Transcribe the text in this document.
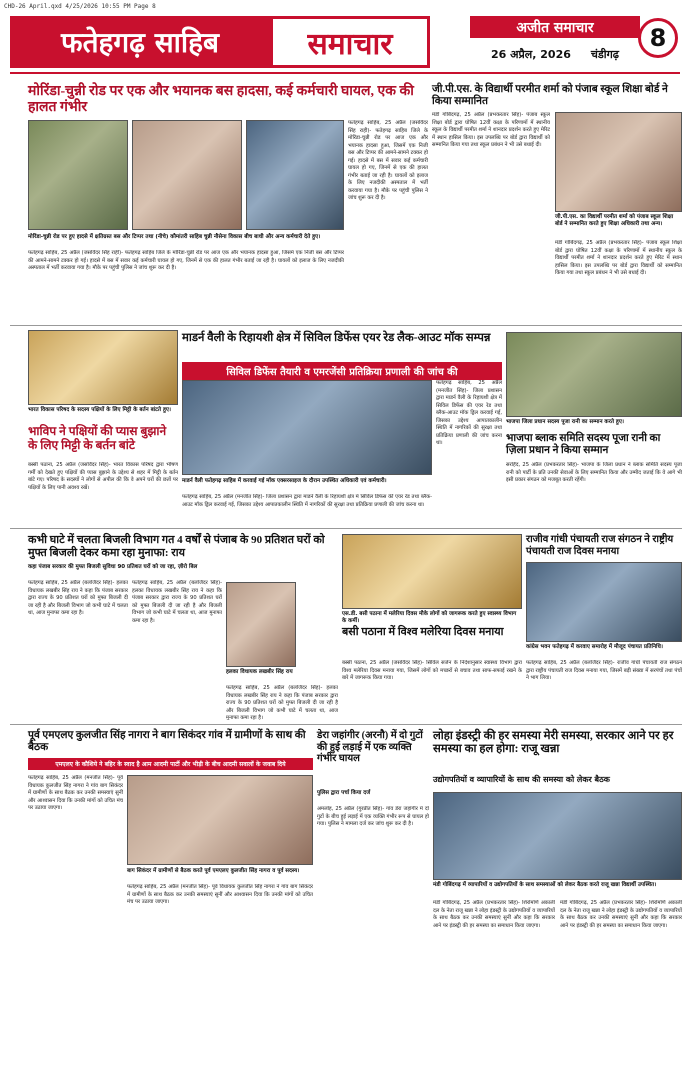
CHD-26 April.qxd 4/25/2026 10:55 PM Page 8
फतेहगढ़ साहिब	समाचार	अजीत समाचार
26 अप्रैल, 2026 चंडीगढ़
8
मोरिंडा-चुन्नी रोड पर एक और भयानक बस हादसा, कई कर्मचारी घायल, एक की हालत गंभीर
मोरिंडा-चुन्नी रोड पर हुए हादसे में क्षतिग्रस्त बस और टिप्पर तथा (नीचे) कौमांतरी साहिब चुन्नी नौसेना विकास बीच बाधी और अन्य कर्मचारी देते हुए।
फतेहगढ़ साहिब, 25 अप्रैल (जसविंदर सिंह राही)- फतेहगढ़ साहिब जिले के मोरिंडा-चुन्नी रोड पर आज एक और भयानक हादसा हुआ, जिसमें एक निजी बस और टिप्पर की आमने-सामने टक्कर हो गई। हादसे में बस में सवार कई कर्मचारी घायल हो गए, जिनमें से एक की हालत गंभीर बताई जा रही है। घायलों को इलाज के लिए नजदीकी अस्पताल में भर्ती करवाया गया है। मौके पर पहुंची पुलिस ने जांच शुरू कर दी है।
फतेहगढ़ साहिब, 25 अप्रैल (जसविंदर सिंह राही)- फतेहगढ़ साहिब जिले के मोरिंडा-चुन्नी रोड पर आज एक और भयानक हादसा हुआ, जिसमें एक निजी बस और टिप्पर की आमने-सामने टक्कर हो गई। हादसे में बस में सवार कई कर्मचारी घायल हो गए, जिनमें से एक की हालत गंभीर बताई जा रही है। घायलों को इलाज के लिए नजदीकी अस्पताल में भर्ती करवाया गया है। मौके पर पहुंची पुलिस ने जांच शुरू कर दी है।
जी.पी.एस. के विद्यार्थी परमीत शर्मा को पंजाब स्कूल शिक्षा बोर्ड ने किया सम्मानित
मंडी गोबिंदगढ़, 25 अप्रैल (प्रभकरतार सिंह)- पंजाब स्कूल शिक्षा बोर्ड द्वारा घोषित 12वीं कक्षा के परिणामों में स्थानीय स्कूल के विद्यार्थी परमीत शर्मा ने शानदार प्रदर्शन करते हुए मेरिट में स्थान हासिल किया। इस उपलब्धि पर बोर्ड द्वारा विद्यार्थी को सम्मानित किया गया तथा स्कूल प्रबंधन ने भी उसे बधाई दी।
जी.पी.एस. का विद्यार्थी परमीत शर्मा को पंजाब स्कूल शिक्षा बोर्ड ने सम्मानित करते हुए शिक्षा अधिकारी तथा अन्य।
मंडी गोबिंदगढ़, 25 अप्रैल (प्रभकरतार सिंह)- पंजाब स्कूल शिक्षा बोर्ड द्वारा घोषित 12वीं कक्षा के परिणामों में स्थानीय स्कूल के विद्यार्थी परमीत शर्मा ने शानदार प्रदर्शन करते हुए मेरिट में स्थान हासिल किया। इस उपलब्धि पर बोर्ड द्वारा विद्यार्थी को सम्मानित किया गया तथा स्कूल प्रबंधन ने भी उसे बधाई दी।
भारत विकास परिषद के सदस्य पक्षियों के लिए मिट्टी के बर्तन बांटते हुए।
भाविप ने पक्षियों की प्यास बुझाने के लिए मिट्टी के बर्तन बांटे
बस्सी पठाना, 25 अप्रैल (जसविंदर सिंह)- भारत विकास परिषद द्वारा भीषण गर्मी को देखते हुए पक्षियों की प्यास बुझाने के उद्देश्य से शहर में मिट्टी के बर्तन बांटे गए। परिषद के सदस्यों ने लोगों से अपील की कि वे अपने घरों की छतों पर पक्षियों के लिए पानी अवश्य रखें।
माडर्न वैली के रिहायशी क्षेत्र में सिविल डिफेंस एयर रेड लैक-आउट मॉक सम्पन्न
सिविल डिफेंस तैयारी व एमरजेंसी प्रतिक्रिया प्रणाली की जांच की
माडर्न वैली फतेहगढ़ साहिब में करवाई गई मॉक एक्सरसाइज के दौरान उपस्थित अधिकारी एवं कर्मचारी।
फतेहगढ़ साहिब, 25 अप्रैल (मनजीत सिंह)- जिला प्रशासन द्वारा माडर्न वैली के रिहायशी क्षेत्र में सिविल डिफेंस की एयर रेड तथा ब्लैक-आउट मॉक ड्रिल करवाई गई, जिसका उद्देश्य आपातकालीन स्थिति में नागरिकों की सुरक्षा तथा प्रतिक्रिया प्रणाली की जांच करना था।
फतेहगढ़ साहिब, 25 अप्रैल (मनजीत सिंह)- जिला प्रशासन द्वारा माडर्न वैली के रिहायशी क्षेत्र में सिविल डिफेंस की एयर रेड तथा ब्लैक-आउट मॉक ड्रिल करवाई गई, जिसका उद्देश्य आपातकालीन स्थिति में नागरिकों की सुरक्षा तथा प्रतिक्रिया प्रणाली की जांच करना था।
भाजपा जिला प्रधान सदस्य पूजा रानी का सम्मान करते हुए।
भाजपा ब्लाक समिति सदस्य पूजा रानी का ज़िला प्रधान ने किया सम्मान
सरहिंद, 25 अप्रैल (प्रभकरतार सिंह)- भाजपा के जिला प्रधान ने ब्लाक समिति सदस्य पूजा रानी को पार्टी के प्रति उनकी सेवाओं के लिए सम्मानित किया और उम्मीद जताई कि वे आगे भी इसी प्रकार संगठन को मजबूत करती रहेंगी।
कभी घाटे में चलता बिजली विभाग गत 4 वर्षों से पंजाब के 90 प्रतिशत घरों को मुफ्त बिजली देकर कमा रहा मुनाफा: राय
कहा पंजाब सरकार की मुफ्त बिजली सुविधा 90 प्रतिशत घरों को जा रहा, ज़ीरो बिल
फतेहगढ़ साहिब, 25 अप्रैल (बलजिंदर सिंह)- हलका विधायक लखबीर सिंह राय ने कहा कि पंजाब सरकार द्वारा राज्य के 90 प्रतिशत घरों को मुफ्त बिजली दी जा रही है और बिजली विभाग जो कभी घाटे में चलता था, आज मुनाफा कमा रहा है।
फतेहगढ़ साहिब, 25 अप्रैल (बलजिंदर सिंह)- हलका विधायक लखबीर सिंह राय ने कहा कि पंजाब सरकार द्वारा राज्य के 90 प्रतिशत घरों को मुफ्त बिजली दी जा रही है और बिजली विभाग जो कभी घाटे में चलता था, आज मुनाफा कमा रहा है।
हलका विधायक लखबीर सिंह राय
फतेहगढ़ साहिब, 25 अप्रैल (बलजिंदर सिंह)- हलका विधायक लखबीर सिंह राय ने कहा कि पंजाब सरकार द्वारा राज्य के 90 प्रतिशत घरों को मुफ्त बिजली दी जा रही है और बिजली विभाग जो कभी घाटे में चलता था, आज मुनाफा कमा रहा है।
एस.डी. बसी पठाना में मलेरिया दिवस मौके लोगों को जागरूक करते हुए स्वास्थ्य विभाग के कर्मी।
बसी पठाना में विश्व मलेरिया दिवस मनाया
बस्सी पठाना, 25 अप्रैल (जसविंदर सिंह)- सिविल सर्जन के निर्देशानुसार स्वास्थ्य विभाग द्वारा विश्व मलेरिया दिवस मनाया गया, जिसमें लोगों को मच्छरों से बचाव तथा साफ-सफाई रखने के बारे में जागरूक किया गया।
राजीव गांधी पंचायती राज संगठन ने राष्ट्रीय पंचायती राज दिवस मनाया
कांग्रेस भवन फतेहगढ़ में करवाए समारोह में मौजूद पंचायत प्रतिनिधि।
फतेहगढ़ साहिब, 25 अप्रैल (बलजिंदर सिंह)- राजीव गांधी पंचायती राज संगठन द्वारा राष्ट्रीय पंचायती राज दिवस मनाया गया, जिसमें बड़ी संख्या में सरपंचों तथा पंचों ने भाग लिया।
पूर्व एमएलए कुलजीत सिंह नागरा ने बाग सिकंदर गांव में ग्रामीणों के साथ की बैठक
एमएलए के कौशिये ने बहिर के स्वाद है आम आदमी पार्टी और भीड़ी के बीच आदमी सवालों के जवाब दिये
फतेहगढ़ साहिब, 25 अप्रैल (मनजीत सिंह)- पूर्व विधायक कुलजीत सिंह नागरा ने गांव बाग सिकंदर में ग्रामीणों के साथ बैठक कर उनकी समस्याएं सुनीं और आश्वासन दिया कि उनकी मांगों को उचित मंच पर उठाया जाएगा।
बाग सिकंदर में ग्रामीणों से बैठक करते पूर्व एमएलए कुलजीत सिंह नागरा व पूर्व सदस्य।
फतेहगढ़ साहिब, 25 अप्रैल (मनजीत सिंह)- पूर्व विधायक कुलजीत सिंह नागरा ने गांव बाग सिकंदर में ग्रामीणों के साथ बैठक कर उनकी समस्याएं सुनीं और आश्वासन दिया कि उनकी मांगों को उचित मंच पर उठाया जाएगा।
डेरा जहांगीर (अरनौ) में दो गुटों की हुई लड़ाई में एक व्यक्ति गंभीर घायल
पुलिस द्वारा पर्चा किया दर्ज
अमलोह, 25 अप्रैल (गुरप्रीत सिंह)- गांव डेरा जहांगीर में दो गुटों के बीच हुई लड़ाई में एक व्यक्ति गंभीर रूप से घायल हो गया। पुलिस ने मामला दर्ज कर जांच शुरू कर दी है।
लोहा इंडस्ट्री की हर समस्या मेरी समस्या, सरकार आने पर हर समस्या का हल होगा: राजू खन्ना
उद्योगपतियों व व्यापारियों के साथ की समस्या को लेकर बैठक
मंडी गोबिंदगढ़ में व्यापारियों व उद्योगपतियों के साथ समस्याओं को लेकर बैठक करते राजू खन्ना विद्यार्थी उपस्थित।
मंडी गोबिंदगढ़, 25 अप्रैल (प्रभकरतार सिंह)- शिरोमणि अकाली दल के नेता राजू खन्ना ने लोहा इंडस्ट्री के उद्योगपतियों व व्यापारियों के साथ बैठक कर उनकी समस्याएं सुनीं और कहा कि सरकार आने पर इंडस्ट्री की हर समस्या का समाधान किया जाएगा।
मंडी गोबिंदगढ़, 25 अप्रैल (प्रभकरतार सिंह)- शिरोमणि अकाली दल के नेता राजू खन्ना ने लोहा इंडस्ट्री के उद्योगपतियों व व्यापारियों के साथ बैठक कर उनकी समस्याएं सुनीं और कहा कि सरकार आने पर इंडस्ट्री की हर समस्या का समाधान किया जाएगा।
